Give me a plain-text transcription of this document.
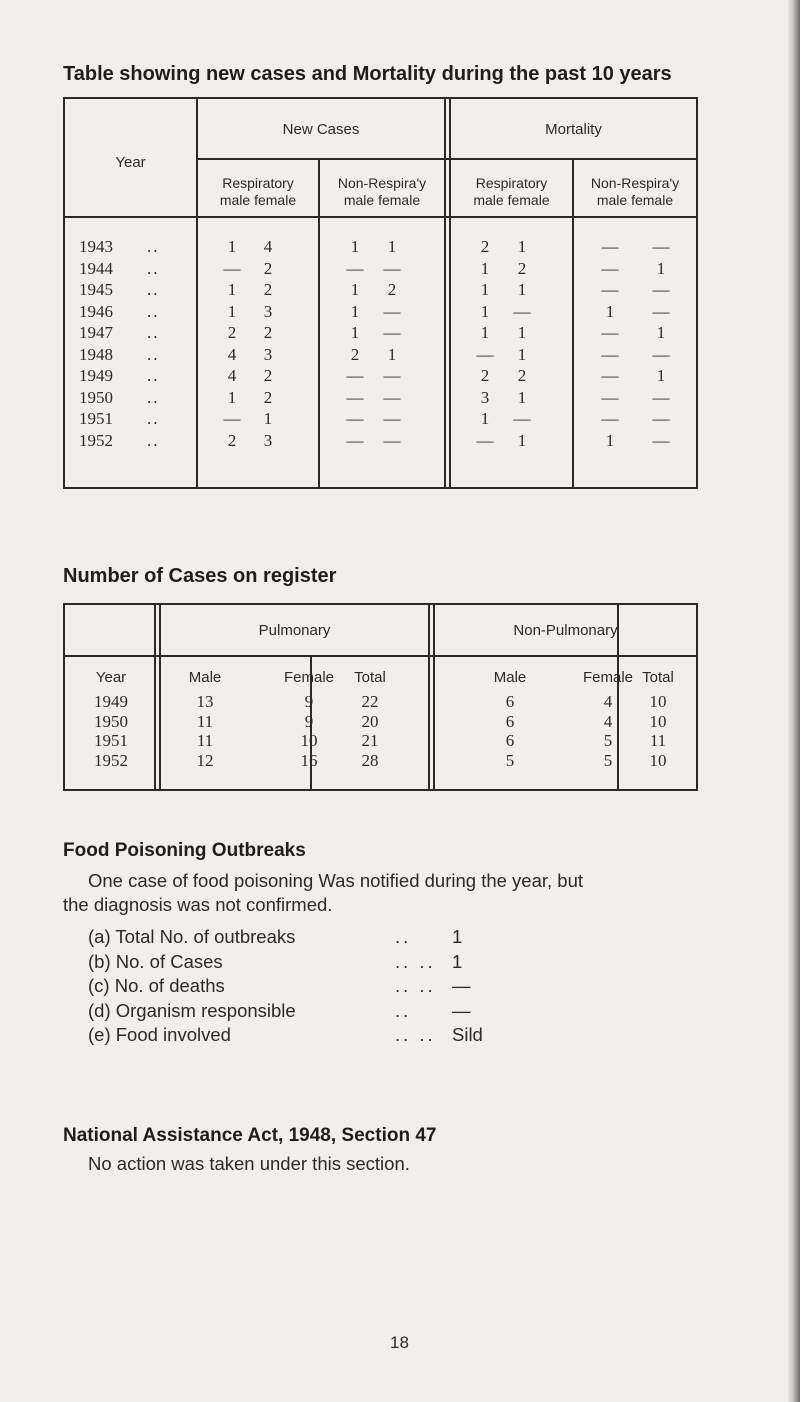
Table showing new cases and Mortality during the past 10 years
Year
New Cases	Mortality
Respiratory
male female
Non-Respira'y
male female
Respiratory
male female
Non-Respira'y
male female
1943 ..	1	4	1	1	2	1	—	—
1944 ..	—	2	—	—	1	2	—	1
1945 ..	1	2	1	2	1	1	—	—
1946 ..	1	3	1	—	1	—	1	—
1947 ..	2	2	1	—	1	1	—	1
1948 ..	4	3	2	1	—	1	—	—
1949 ..	4	2	—	—	2	2	—	1
1950 ..	1	2	—	—	3	1	—	—
1951 ..	—	1	—	—	1	—	—	—
1952 ..	2	3	—	—	—	1	1	—
Number of Cases on register
Pulmonary	Non-Pulmonary
Year	Male	Female	Total	Male	Female Total
1949	13	9	22	6	4	10
1950	11	9	20	6	4	10
1951	11	10	21	6	5	11
1952	12	16	28	5	5	10
Food Poisoning Outbreaks
One case of food poisoning Was notified during the year, but
the diagnosis was not confirmed.
(a) Total No. of outbreaks	.. 1
(b) No. of Cases	.. .. 1
(c) No. of deaths	.. .. —
(d) Organism responsible	.. —
(e) Food involved	.. .. Sild
National Assistance Act, 1948, Section 47
No action was taken under this section.
18
